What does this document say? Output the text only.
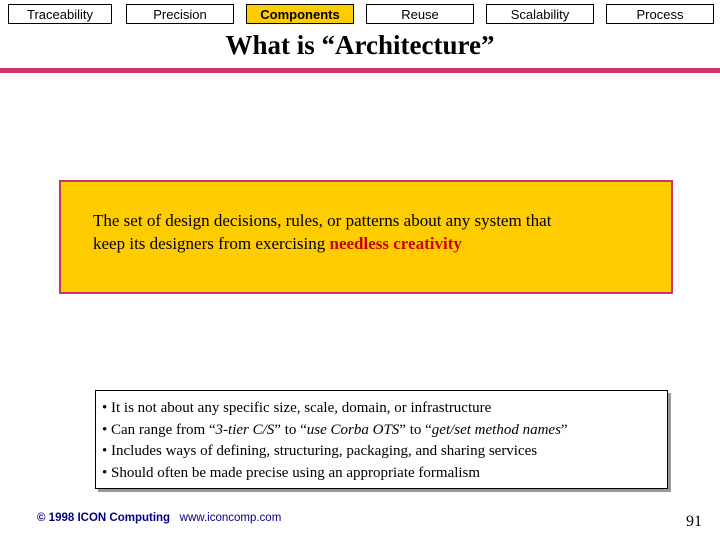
Traceability	Precision	Components	Reuse	Scalability	Process
What is “Architecture”
The set of design decisions, rules, or patterns about any system that
keep its designers from exercising needless creativity
• It is not about any specific size, scale, domain, or infrastructure
• Can range from “3-tier C/S” to “use Corba OTS” to “get/set method names”
• Includes ways of defining, structuring, packaging, and sharing services
• Should often be made precise using an appropriate formalism
© 1998 ICON Computing www.iconcomp.com	91
